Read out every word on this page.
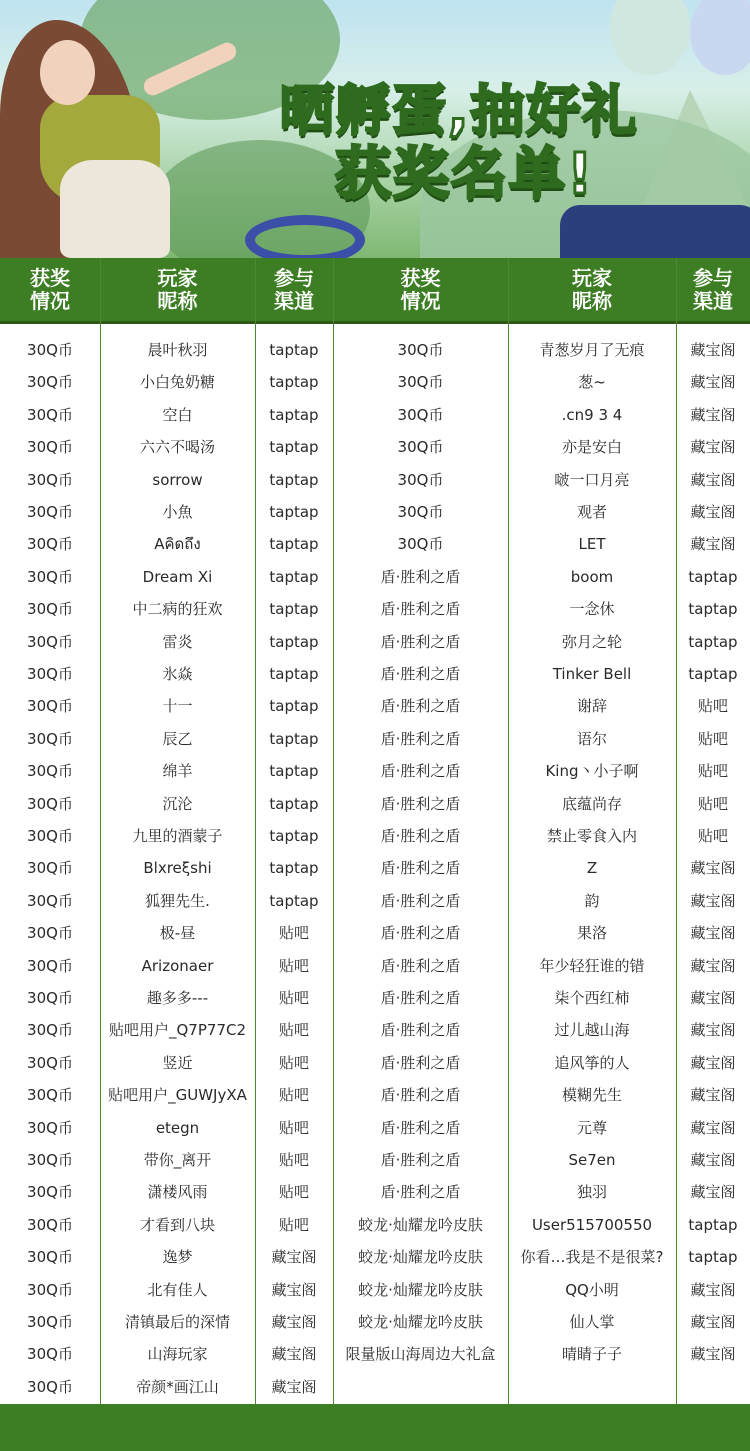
晒孵蛋,抽好礼
获奖名单!
获奖
情况
玩家
昵称
参与
渠道
获奖
情况
玩家
昵称
参与
渠道
30Q币
30Q币
30Q币
30Q币
30Q币
30Q币
30Q币
30Q币
30Q币
30Q币
30Q币
30Q币
30Q币
30Q币
30Q币
30Q币
30Q币
30Q币
30Q币
30Q币
30Q币
30Q币
30Q币
30Q币
30Q币
30Q币
30Q币
30Q币
30Q币
30Q币
30Q币
30Q币
30Q币
晨叶秋羽
小白兔奶糖
空白
六六不喝汤
sorrow
小魚
Aคิดถึง
Dream Xi
中二病的狂欢
雷炎
氷焱
十一
辰乙
绵羊
沉沦
九里的酒蒙子
Blxreξshi
狐狸先生.
极-昼
Arizonaer
趣多多---
贴吧用户_Q7P77C2
竖近
贴吧用户_GUWJyXA
etegn
带你_离开
潇楼风雨
才看到八块
逸梦
北有佳人
清镇最后的深情
山海玩家
帝颜*画江山
taptap
taptap
taptap
taptap
taptap
taptap
taptap
taptap
taptap
taptap
taptap
taptap
taptap
taptap
taptap
taptap
taptap
taptap
贴吧
贴吧
贴吧
贴吧
贴吧
贴吧
贴吧
贴吧
贴吧
贴吧
藏宝阁
藏宝阁
藏宝阁
藏宝阁
藏宝阁
30Q币
30Q币
30Q币
30Q币
30Q币
30Q币
30Q币
盾·胜利之盾
盾·胜利之盾
盾·胜利之盾
盾·胜利之盾
盾·胜利之盾
盾·胜利之盾
盾·胜利之盾
盾·胜利之盾
盾·胜利之盾
盾·胜利之盾
盾·胜利之盾
盾·胜利之盾
盾·胜利之盾
盾·胜利之盾
盾·胜利之盾
盾·胜利之盾
盾·胜利之盾
盾·胜利之盾
盾·胜利之盾
盾·胜利之盾
蛟龙·灿耀龙吟皮肤
蛟龙·灿耀龙吟皮肤
蛟龙·灿耀龙吟皮肤
蛟龙·灿耀龙吟皮肤
限量版山海周边大礼盒
青葱岁月了无痕
葱~
.cn9 3 4
亦是安白
啵一口月亮
观者
LET
boom
一念休
弥月之轮
Tinker Bell
谢辞
语尔
King丶小子啊
底蕴尚存
禁止零食入内
Z
韵
果洛
年少轻狂谁的错
柒个西红柿
过儿越山海
追风筝的人
模糊先生
元尊
Se7en
独羽
User515700550
你看…我是不是很菜?
QQ小明
仙人掌
晴睛子子
藏宝阁
藏宝阁
藏宝阁
藏宝阁
藏宝阁
藏宝阁
藏宝阁
taptap
taptap
taptap
taptap
贴吧
贴吧
贴吧
贴吧
贴吧
藏宝阁
藏宝阁
藏宝阁
藏宝阁
藏宝阁
藏宝阁
藏宝阁
藏宝阁
藏宝阁
藏宝阁
藏宝阁
taptap
taptap
藏宝阁
藏宝阁
藏宝阁
